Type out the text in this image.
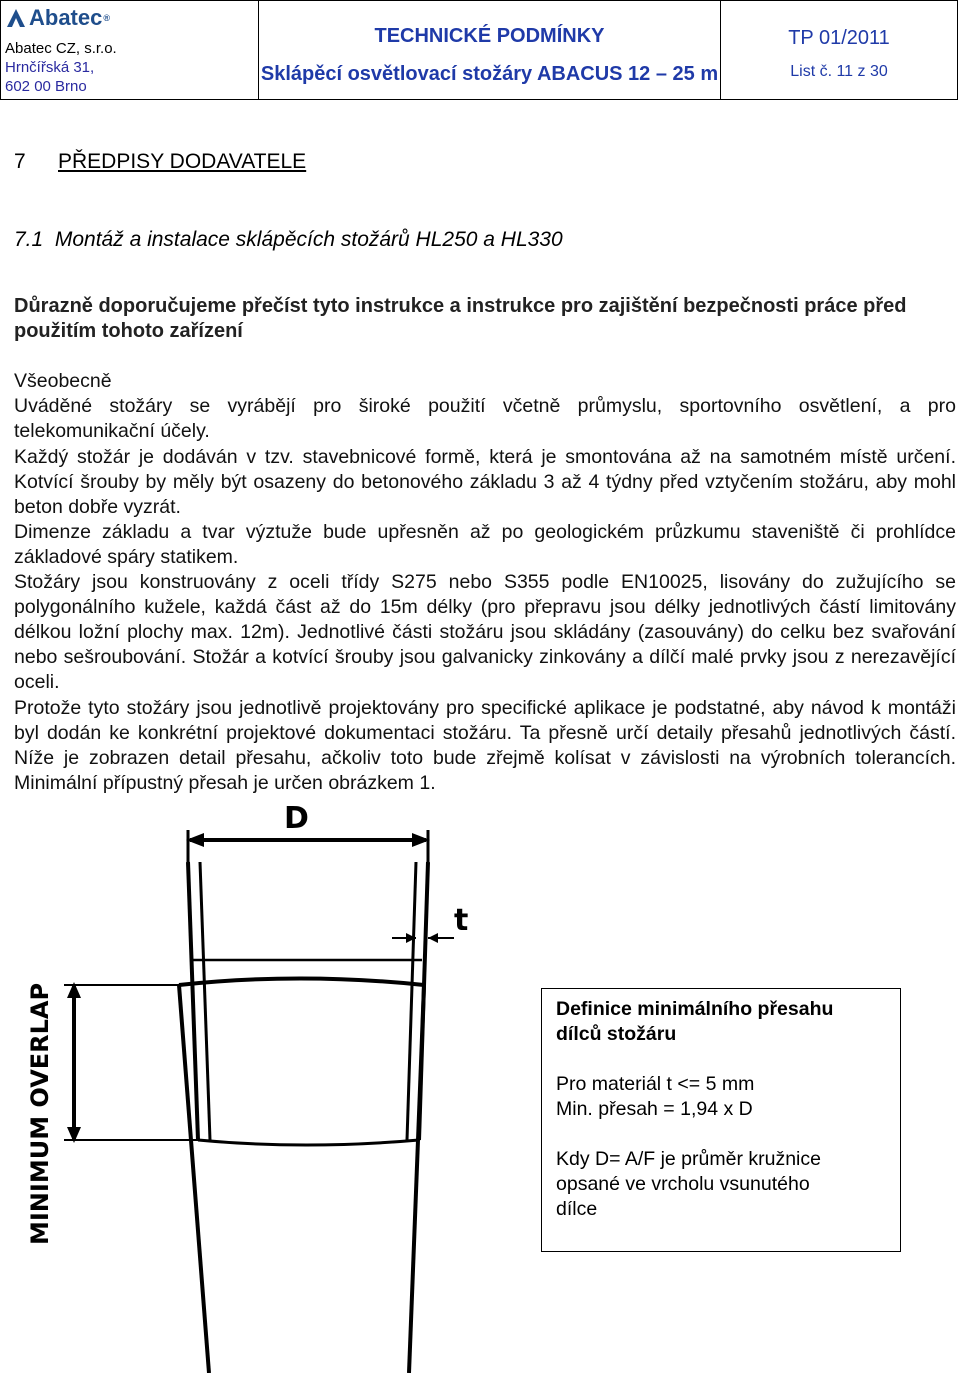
Abatec ®
Abatec CZ, s.r.o.
Hrnčířská 31,
602 00 Brno
TECHNICKÉ PODMÍNKY
Sklápěcí osvětlovací stožáry ABACUS 12 – 25 m
TP 01/2011
List č. 11 z 30
7 PŘEDPISY DODAVATELE
7.1 Montáž a instalace sklápěcích stožárů HL250 a HL330
Důrazně doporučujeme přečíst tyto instrukce a instrukce pro zajištění bezpečnosti práce před použitím tohoto zařízení
Všeobecně
Uváděné stožáry se vyrábějí pro široké použití včetně průmyslu, sportovního osvětlení, a pro telekomunikační účely.
Každý stožár je dodáván v tzv. stavebnicové formě, která je smontována až na samotném místě určení. Kotvící šrouby by měly být osazeny do betonového základu 3 až 4 týdny před vztyčením stožáru, aby mohl beton dobře vyzrát.
Dimenze základu a tvar výztuže bude upřesněn až po geologickém průzkumu staveniště či prohlídce základové spáry statikem.
Stožáry jsou konstruovány z oceli třídy S275 nebo S355 podle EN10025, lisovány do zužujícího se polygonálního kužele, každá část až do 15m délky (pro přepravu jsou délky jednotlivých částí limitovány délkou ložní plochy max. 12m). Jednotlivé části stožáru jsou skládány (zasouvány) do celku bez svařování nebo sešroubování. Stožár a kotvící šrouby jsou galvanicky zinkovány a dílčí malé prvky jsou z nerezavějící oceli.
Protože tyto stožáry jsou jednotlivě projektovány pro specifické aplikace je podstatné, aby návod k montáži byl dodán ke konkrétní projektové dokumentaci stožáru. Ta přesně určí detaily přesahů jednotlivých částí. Níže je zobrazen detail přesahu, ačkoliv toto bude zřejmě kolísat v závislosti na výrobních tolerancích. Minimální přípustný přesah je určen obrázkem 1.
D
t
MINIMUM OVERLAP	Definice minimálního přesahu
dílců stožáru
Pro materiál t <= 5 mm
Min. přesah = 1,94 x D
Kdy D= A/F je průměr kružnice
opsané ve vrcholu vsunutého
dílce
